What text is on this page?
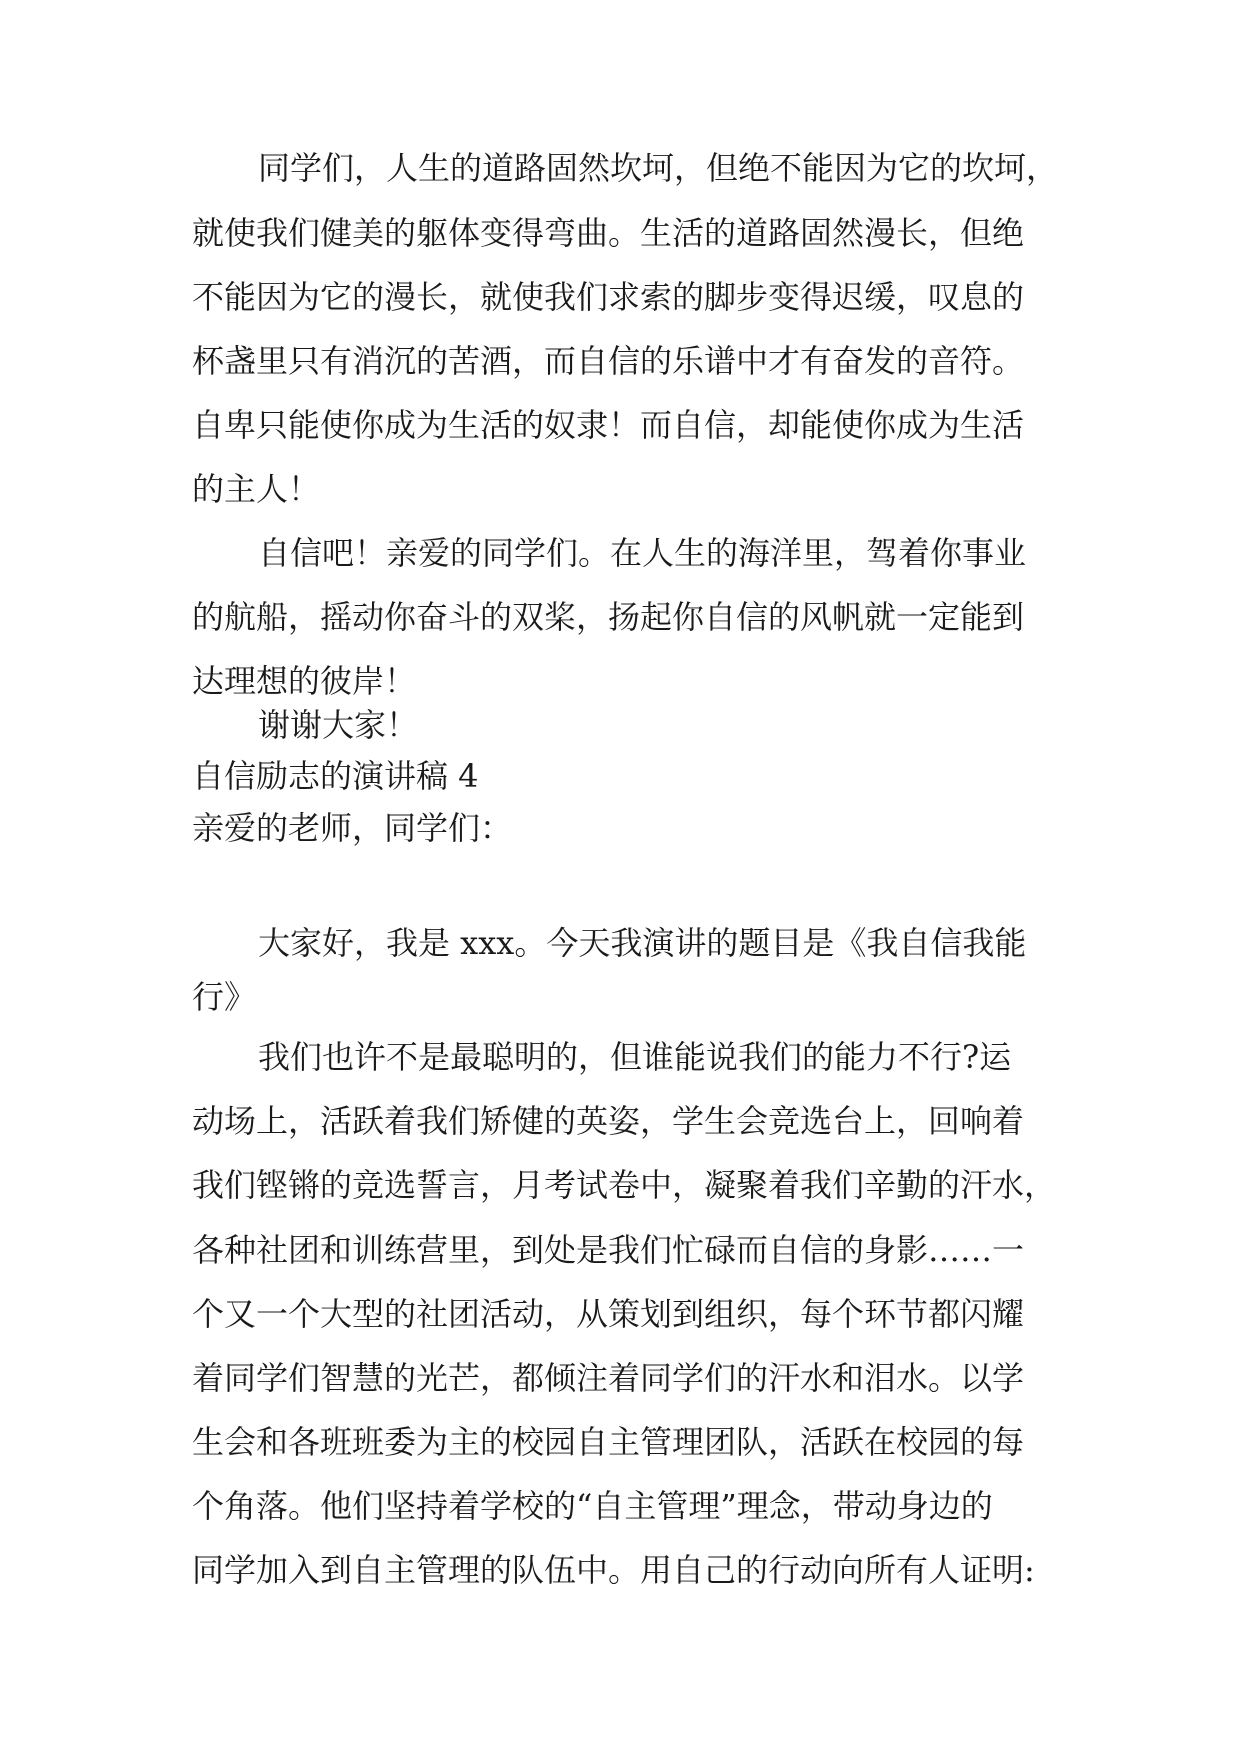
同学们，人生的道路固然坎坷，但绝不能因为它的坎坷，
就使我们健美的躯体变得弯曲。生活的道路固然漫长，但绝
不能因为它的漫长，就使我们求索的脚步变得迟缓，叹息的
杯盏里只有消沉的苦酒，而自信的乐谱中才有奋发的音符。
自卑只能使你成为生活的奴隶！而自信，却能使你成为生活
的主人！
自信吧！亲爱的同学们。在人生的海洋里，驾着你事业
的航船，摇动你奋斗的双桨，扬起你自信的风帆就一定能到
达理想的彼岸！
谢谢大家！
自信励志的演讲稿 4
亲爱的老师，同学们：
大家好，我是 xxx。今天我演讲的题目是《我自信我能
行》
我们也许不是最聪明的，但谁能说我们的能力不行?运
动场上，活跃着我们矫健的英姿，学生会竞选台上，回响着
我们铿锵的竞选誓言，月考试卷中，凝聚着我们辛勤的汗水，
各种社团和训练营里，到处是我们忙碌而自信的身影……一
个又一个大型的社团活动，从策划到组织，每个环节都闪耀
着同学们智慧的光芒，都倾注着同学们的汗水和泪水。以学
生会和各班班委为主的校园自主管理团队，活跃在校园的每
个角落。他们坚持着学校的“自主管理”理念，带动身边的
同学加入到自主管理的队伍中。用自己的行动向所有人证明:
